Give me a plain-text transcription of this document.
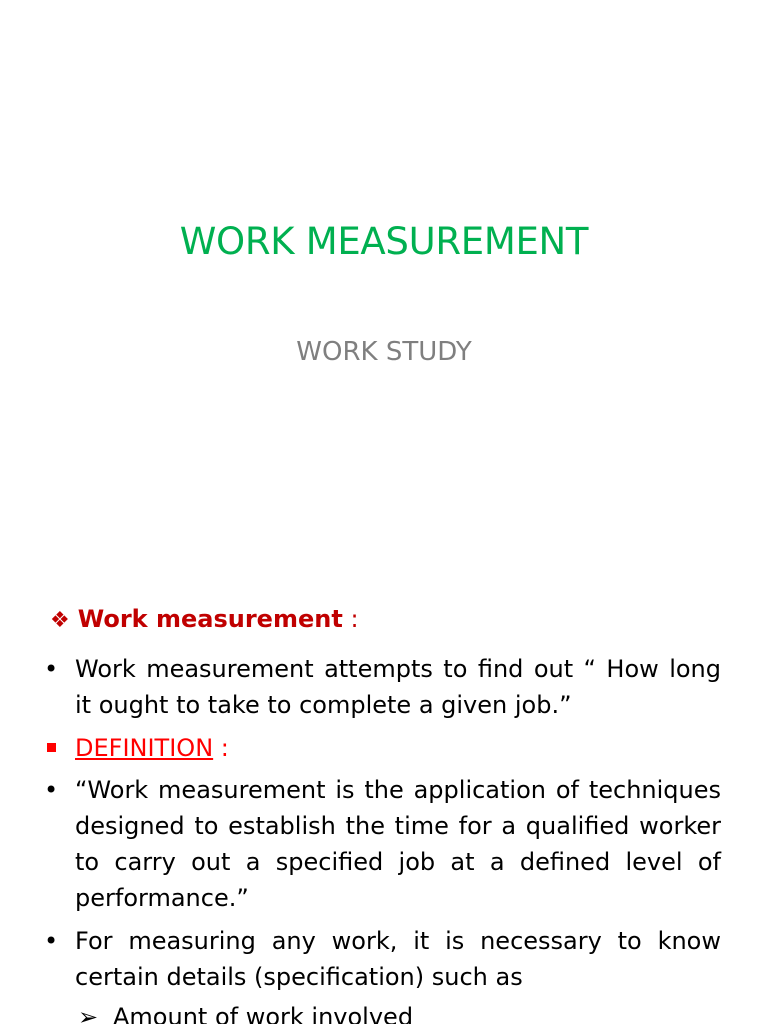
WORK MEASUREMENT
WORK STUDY
❖ Work measurement :
• Work measurement attempts to find out “ How long it ought to take to complete a given job.”
DEFINITION :
• “Work measurement is the application of techniques designed to establish the time for a qualified worker to carry out a specified job at a defined level of performance.”
• For measuring any work, it is necessary to know certain details (specification) such as
➢ Amount of work involved
